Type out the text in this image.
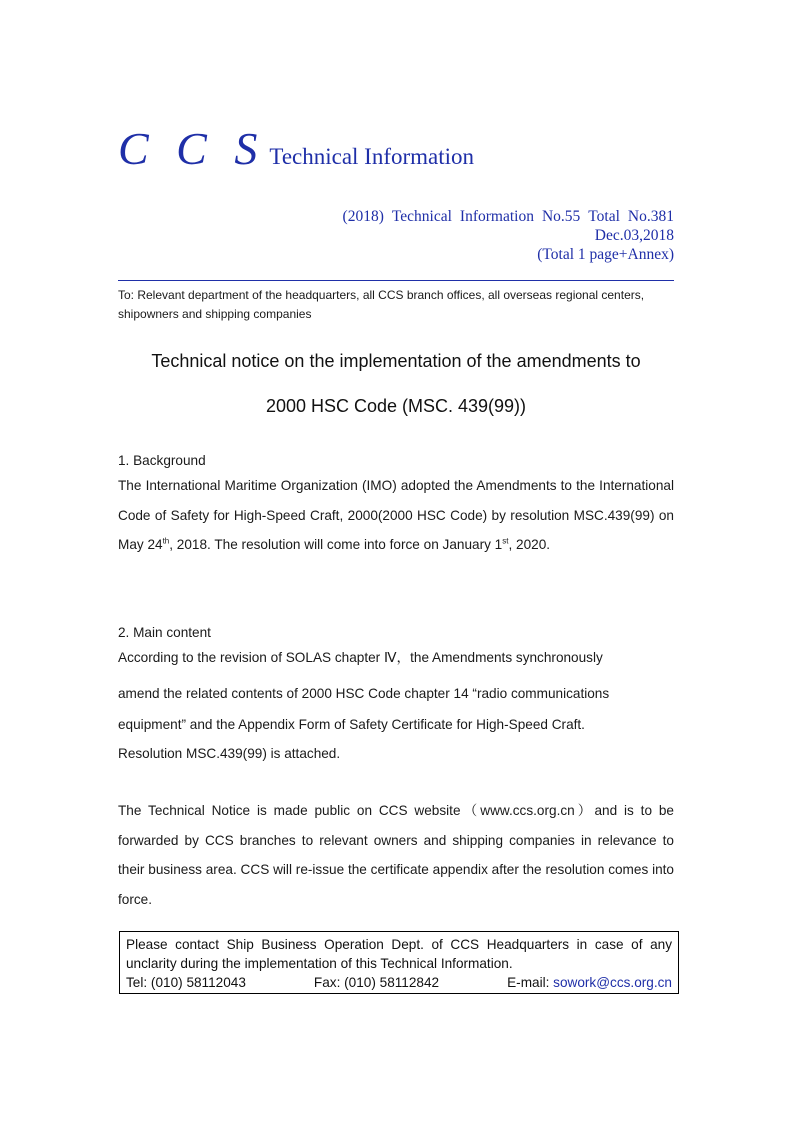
C C S Technical Information
(2018) Technical Information No.55 Total No.381
Dec.03,2018
(Total 1 page+Annex)
To: Relevant department of the headquarters, all CCS branch offices, all overseas regional centers, shipowners and shipping companies
Technical notice on the implementation of the amendments to
2000 HSC Code (MSC. 439(99))
1. Background
The International Maritime Organization (IMO) adopted the Amendments to the International Code of Safety for High-Speed Craft, 2000(2000 HSC Code) by resolution MSC.439(99) on May 24th, 2018. The resolution will come into force on January 1st, 2020.
2. Main content
According to the revision of SOLAS chapter Ⅳ，the Amendments synchronously
amend the related contents of 2000 HSC Code chapter 14 “radio communications
equipment” and the Appendix Form of Safety Certificate for High-Speed Craft.
Resolution MSC.439(99) is attached.
The Technical Notice is made public on CCS website（www.ccs.org.cn）and is to be forwarded by CCS branches to relevant owners and shipping companies in relevance to their business area. CCS will re-issue the certificate appendix after the resolution comes into force.
Please contact Ship Business Operation Dept. of CCS Headquarters in case of any unclarity during the implementation of this Technical Information.
Tel: (010) 58112043	Fax: (010) 58112842	E-mail: sowork@ccs.org.cn
